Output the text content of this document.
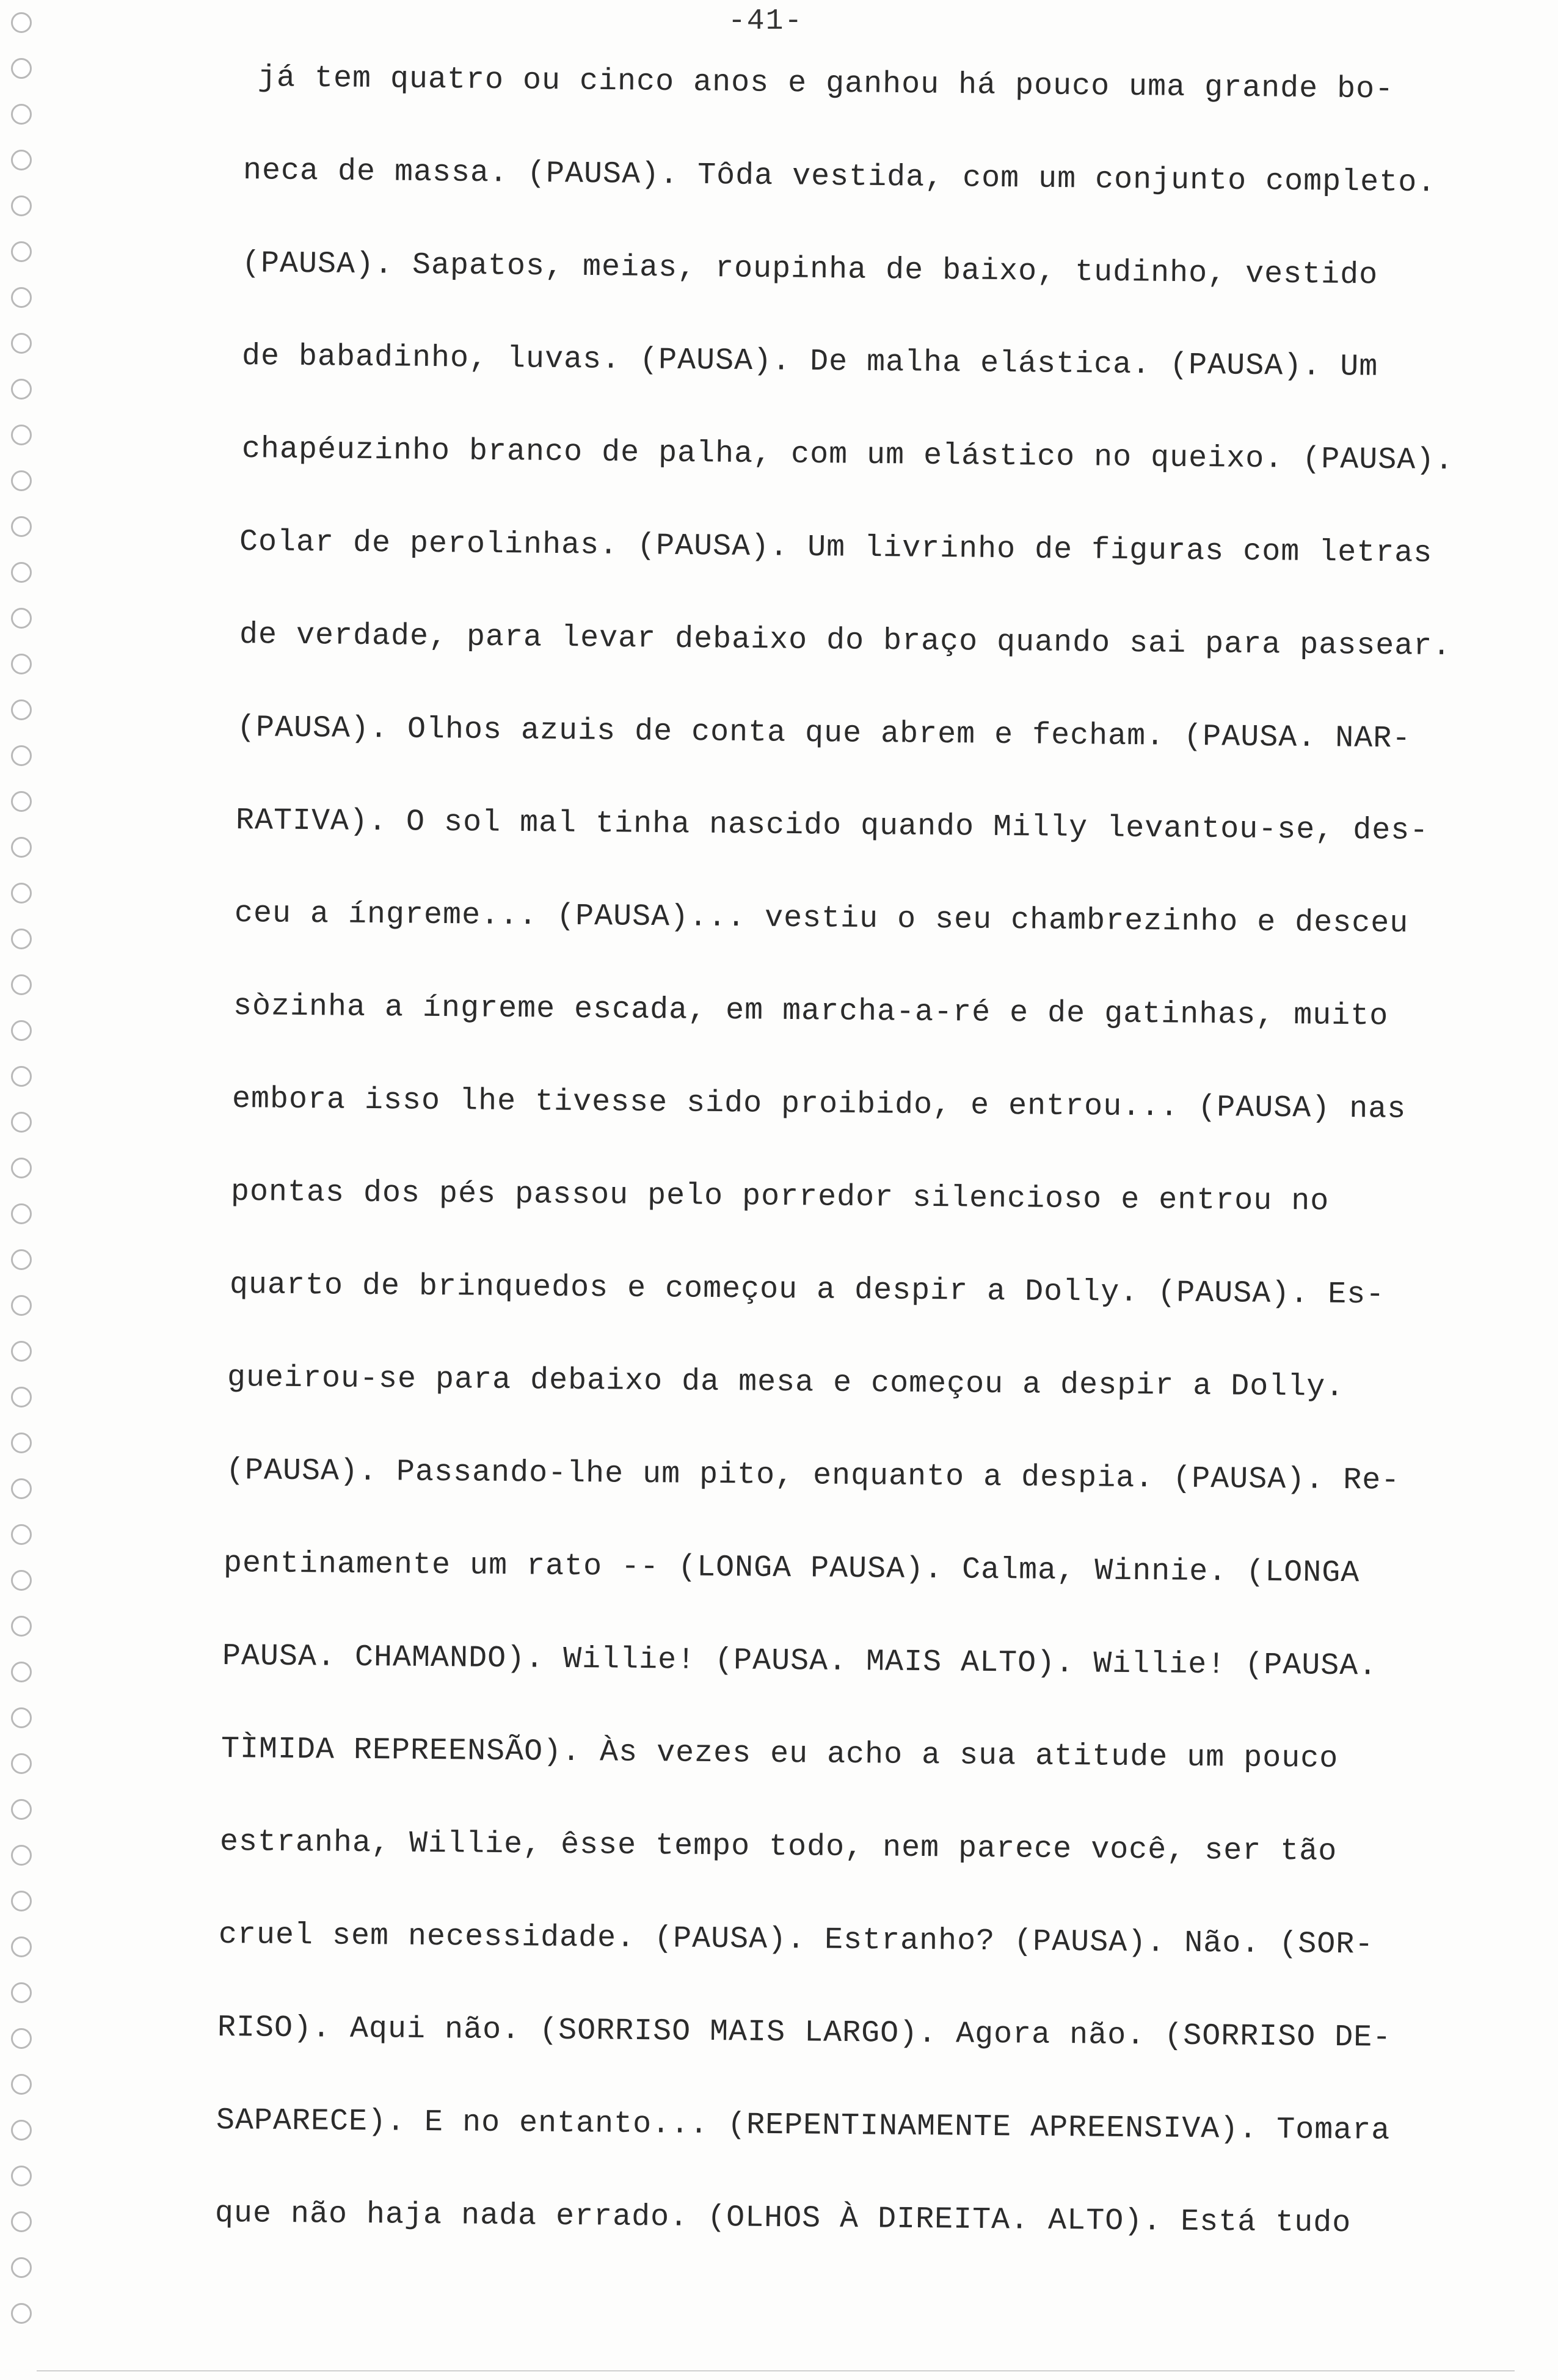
-41-
já tem quatro ou cinco anos e ganhou há pouco uma grande bo-
neca de massa. (PAUSA). Tôda vestida, com um conjunto completo.
(PAUSA). Sapatos, meias, roupinha de baixo, tudinho, vestido
de babadinho, luvas. (PAUSA). De malha elástica. (PAUSA). Um
chapéuzinho branco de palha, com um elástico no queixo. (PAUSA).
Colar de perolinhas. (PAUSA). Um livrinho de figuras com letras
de verdade, para levar debaixo do braço quando sai para passear.
(PAUSA). Olhos azuis de conta que abrem e fecham. (PAUSA. NAR-
RATIVA). O sol mal tinha nascido quando Milly levantou-se, des-
ceu a íngreme... (PAUSA)... vestiu o seu chambrezinho e desceu
sòzinha a íngreme escada, em marcha-a-ré e de gatinhas, muito
embora isso lhe tivesse sido proibido, e entrou... (PAUSA) nas
pontas dos pés passou pelo porredor silencioso e entrou no
quarto de brinquedos e começou a despir a Dolly. (PAUSA). Es-
gueirou-se para debaixo da mesa e começou a despir a Dolly.
(PAUSA). Passando-lhe um pito, enquanto a despia. (PAUSA). Re-
pentinamente um rato -- (LONGA PAUSA). Calma, Winnie. (LONGA
PAUSA. CHAMANDO). Willie! (PAUSA. MAIS ALTO). Willie! (PAUSA.
TÌMIDA REPREENSÃO). Às vezes eu acho a sua atitude um pouco
estranha, Willie, êsse tempo todo, nem parece você, ser tão
cruel sem necessidade. (PAUSA). Estranho? (PAUSA). Não. (SOR-
RISO). Aqui não. (SORRISO MAIS LARGO). Agora não. (SORRISO DE-
SAPARECE). E no entanto... (REPENTINAMENTE APREENSIVA). Tomara
que não haja nada errado. (OLHOS À DIREITA. ALTO). Está tudo
